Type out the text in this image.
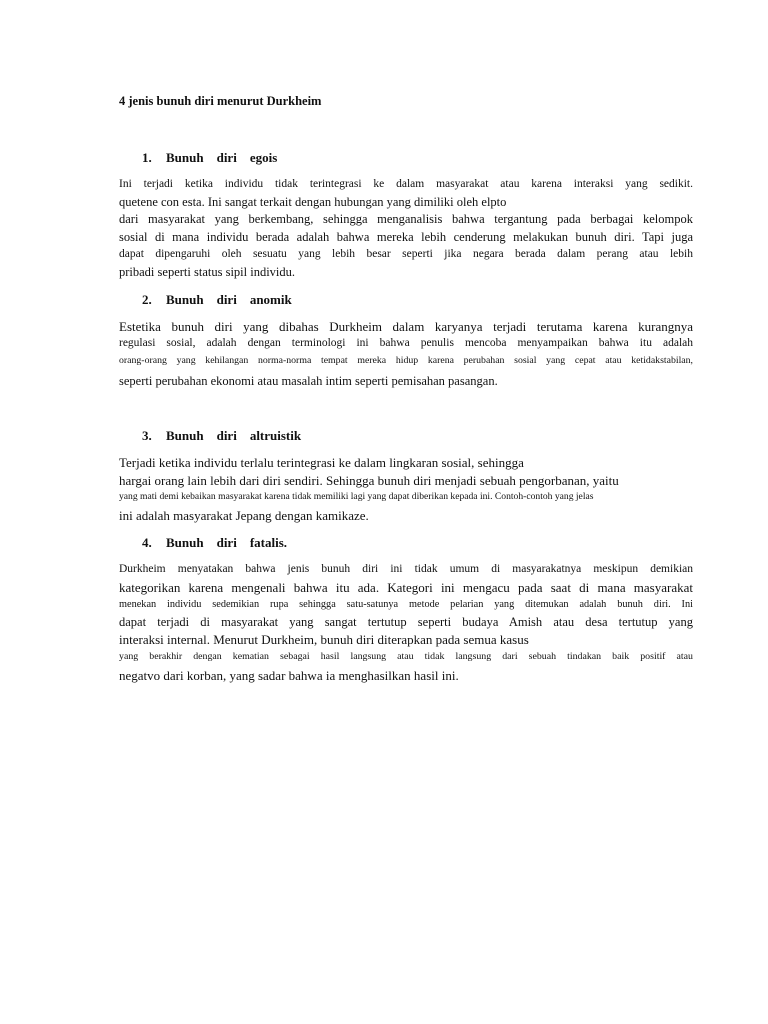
4 jenis bunuh diri menurut Durkheim
1. Bunuh    diri    egois
Ini terjadi ketika individu tidak terintegrasi ke dalam masyarakat atau karena interaksi yang sedikit.
quetene con esta. Ini sangat terkait dengan hubungan yang dimiliki oleh elpto
dari masyarakat yang berkembang, sehingga menganalisis bahwa tergantung pada berbagai kelompok
sosial di mana individu berada adalah bahwa mereka lebih cenderung melakukan bunuh diri. Tapi juga
dapat dipengaruhi oleh sesuatu yang lebih besar seperti jika negara berada dalam perang atau lebih
pribadi seperti status sipil individu.
2. Bunuh    diri    anomik
Estetika bunuh diri yang dibahas Durkheim dalam karyanya terjadi terutama karena kurangnya
regulasi sosial, adalah dengan terminologi ini bahwa penulis mencoba menyampaikan bahwa itu adalah
orang-orang yang kehilangan norma-norma tempat mereka hidup karena perubahan sosial yang cepat atau ketidakstabilan,
seperti perubahan ekonomi atau masalah intim seperti pemisahan pasangan.
3. Bunuh    diri    altruistik
Terjadi ketika individu terlalu terintegrasi ke dalam lingkaran sosial, sehingga
hargai orang lain lebih dari diri sendiri. Sehingga bunuh diri menjadi sebuah pengorbanan, yaitu
yang mati demi kebaikan masyarakat karena tidak memiliki lagi yang dapat diberikan kepada ini. Contoh-contoh yang jelas
ini adalah masyarakat Jepang dengan kamikaze.
4. Bunuh    diri    fatalis.
Durkheim menyatakan bahwa jenis bunuh diri ini tidak umum di masyarakatnya meskipun demikian
kategorikan karena mengenali bahwa itu ada. Kategori ini mengacu pada saat di mana masyarakat
menekan individu sedemikian rupa sehingga satu-satunya metode pelarian yang ditemukan adalah bunuh diri. Ini
dapat terjadi di masyarakat yang sangat tertutup seperti budaya Amish atau desa tertutup yang
interaksi internal. Menurut Durkheim, bunuh diri diterapkan pada semua kasus
yang berakhir dengan kematian sebagai hasil langsung atau tidak langsung dari sebuah tindakan baik positif atau
negatvo dari korban, yang sadar bahwa ia menghasilkan hasil ini.
